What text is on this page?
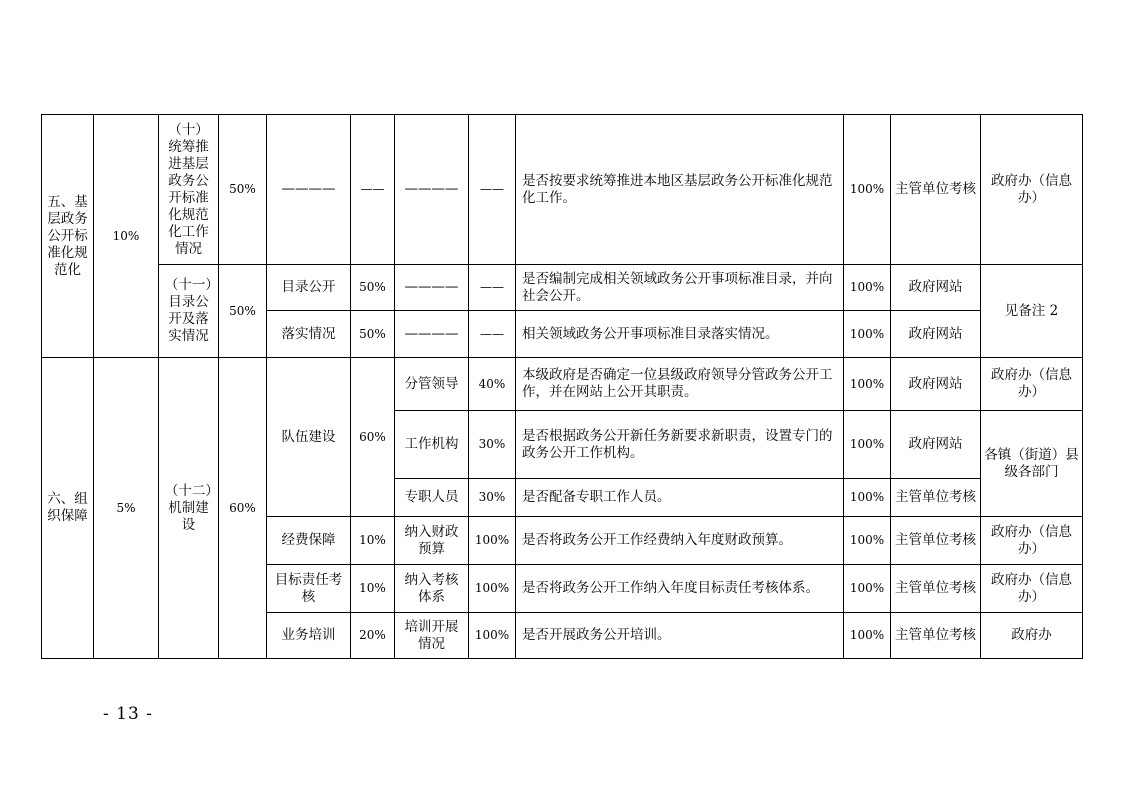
五、基层政务公开标准化规范化	10%	（十）统筹推进基层政务公开标准化规范化工作情况	50%	————	——	————	——	是否按要求统筹推进本地区基层政务公开标准化规范化工作。	100%	主管单位考核	政府办（信息办）
		（十一）目录公开及落实情况	50%	目录公开	50%	————	——	是否编制完成相关领域政务公开事项标准目录，并向社会公开。	100%	政府网站	见备注 2
				落实情况	50%	————	——	相关领域政务公开事项标准目录落实情况。	100%	政府网站	
六、组织保障	5%	（十二）机制建设	60%	队伍建设	60%	分管领导	40%	本级政府是否确定一位县级政府领导分管政务公开工作，并在网站上公开其职责。	100%	政府网站	政府办（信息办）
						工作机构	30%	是否根据政务公开新任务新要求新职责，设置专门的政务公开工作机构。	100%	政府网站	各镇（街道）县级各部门
						专职人员	30%	是否配备专职工作人员。	100%	主管单位考核	
				经费保障	10%	纳入财政预算	100%	是否将政务公开工作经费纳入年度财政预算。	100%	主管单位考核	政府办（信息办）
				目标责任考核	10%	纳入考核体系	100%	是否将政务公开工作纳入年度目标责任考核体系。	100%	主管单位考核	政府办（信息办）
				业务培训	20%	培训开展情况	100%	是否开展政务公开培训。	100%	主管单位考核	政府办
- 13 -
